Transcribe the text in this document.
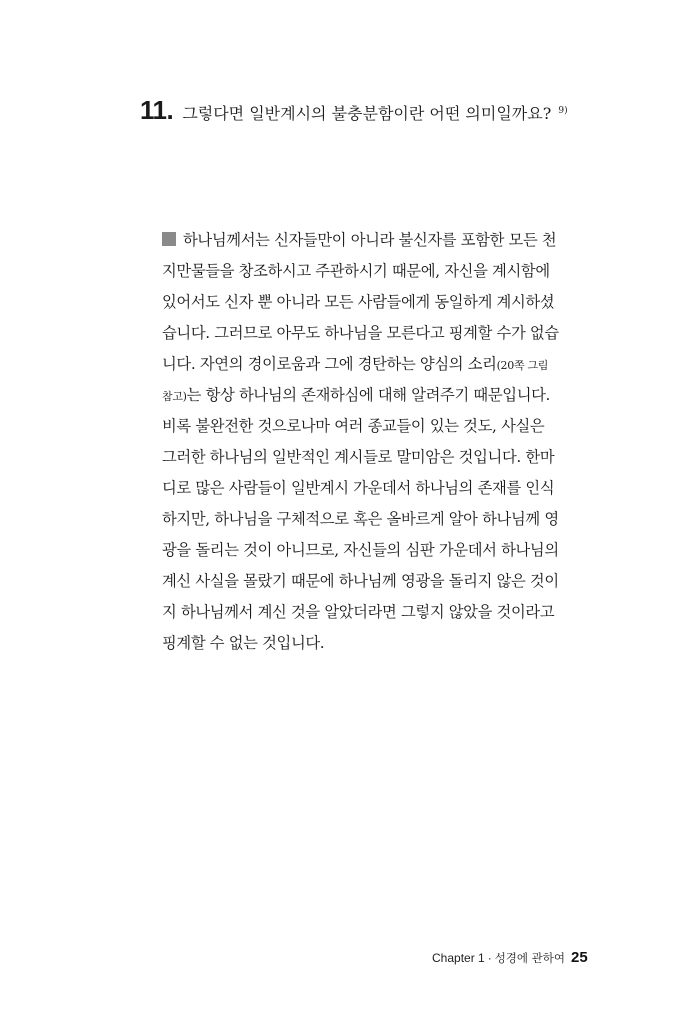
11. 그렇다면 일반계시의 불충분함이란 어떤 의미일까요? $^{9)}$
하나님께서는 신자들만이 아니라 불신자를 포함한 모든 천
지만물들을 창조하시고 주관하시기 때문에, 자신을 계시함에
있어서도 신자 뿐 아니라 모든 사람들에게 동일하게 계시하셨
습니다. 그러므로 아무도 하나님을 모른다고 핑계할 수가 없습
니다. 자연의 경이로움과 그에 경탄하는 양심의 소리(20쪽 그림
참고)는 항상 하나님의 존재하심에 대해 알려주기 때문입니다.
비록 불완전한 것으로나마 여러 종교들이 있는 것도, 사실은
그러한 하나님의 일반적인 계시들로 말미암은 것입니다. 한마
디로 많은 사람들이 일반계시 가운데서 하나님의 존재를 인식
하지만, 하나님을 구체적으로 혹은 올바르게 알아 하나님께 영
광을 돌리는 것이 아니므로, 자신들의 심판 가운데서 하나님의
계신 사실을 몰랐기 때문에 하나님께 영광을 돌리지 않은 것이
지 하나님께서 계신 것을 알았더라면 그렇지 않았을 것이라고
핑계할 수 없는 것입니다.
Chapter 1 · 성경에 관하여 25
